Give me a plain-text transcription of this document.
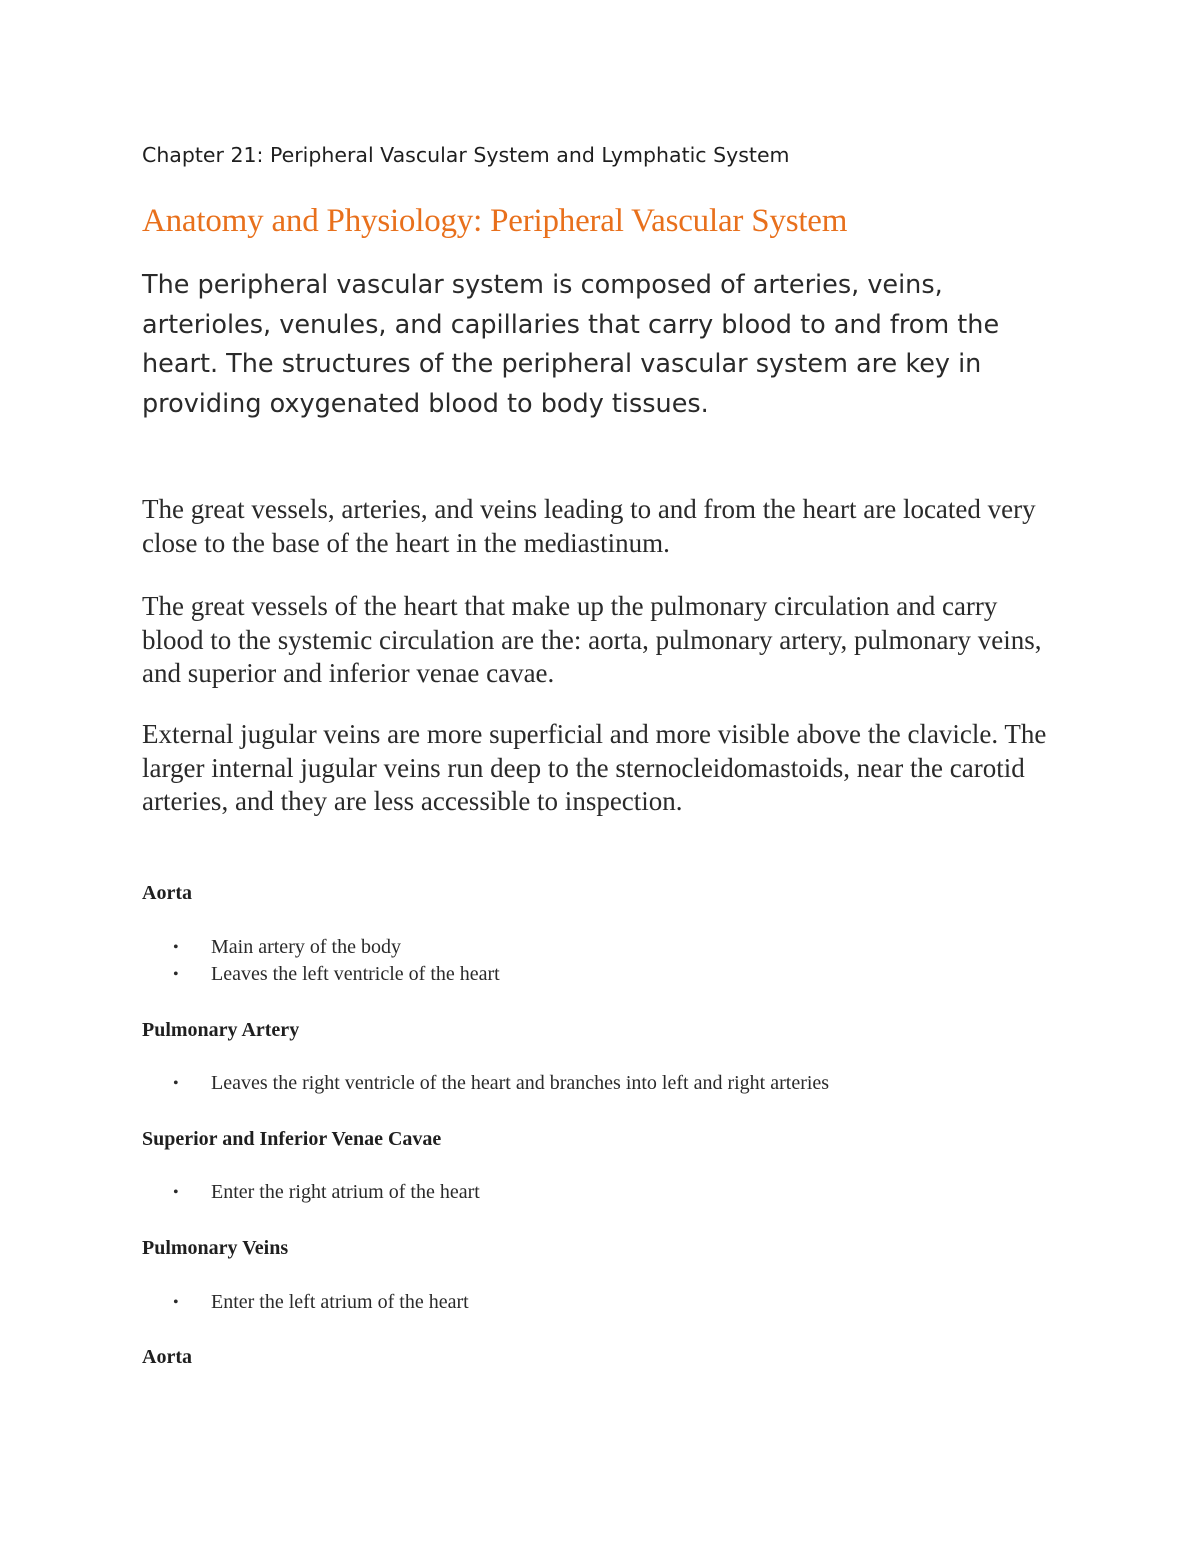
Chapter 21: Peripheral Vascular System and Lymphatic System
Anatomy and Physiology: Peripheral Vascular System

The peripheral vascular system is composed of arteries, veins, arterioles, venules, and capillaries that carry blood to and from the heart. The structures of the peripheral vascular system are key in providing oxygenated blood to body tissues.

The great vessels, arteries, and veins leading to and from the heart are located very close to the base of the heart in the mediastinum.

The great vessels of the heart that make up the pulmonary circulation and carry blood to the systemic circulation are the: aorta, pulmonary artery, pulmonary veins, and superior and inferior venae cavae.

External jugular veins are more superficial and more visible above the clavicle. The larger internal jugular veins run deep to the sternocleidomastoids, near the carotid arteries, and they are less accessible to inspection.

Aorta
• Main artery of the body
• Leaves the left ventricle of the heart
Pulmonary Artery
• Leaves the right ventricle of the heart and branches into left and right arteries
Superior and Inferior Venae Cavae
• Enter the right atrium of the heart
Pulmonary Veins
• Enter the left atrium of the heart
Aorta
